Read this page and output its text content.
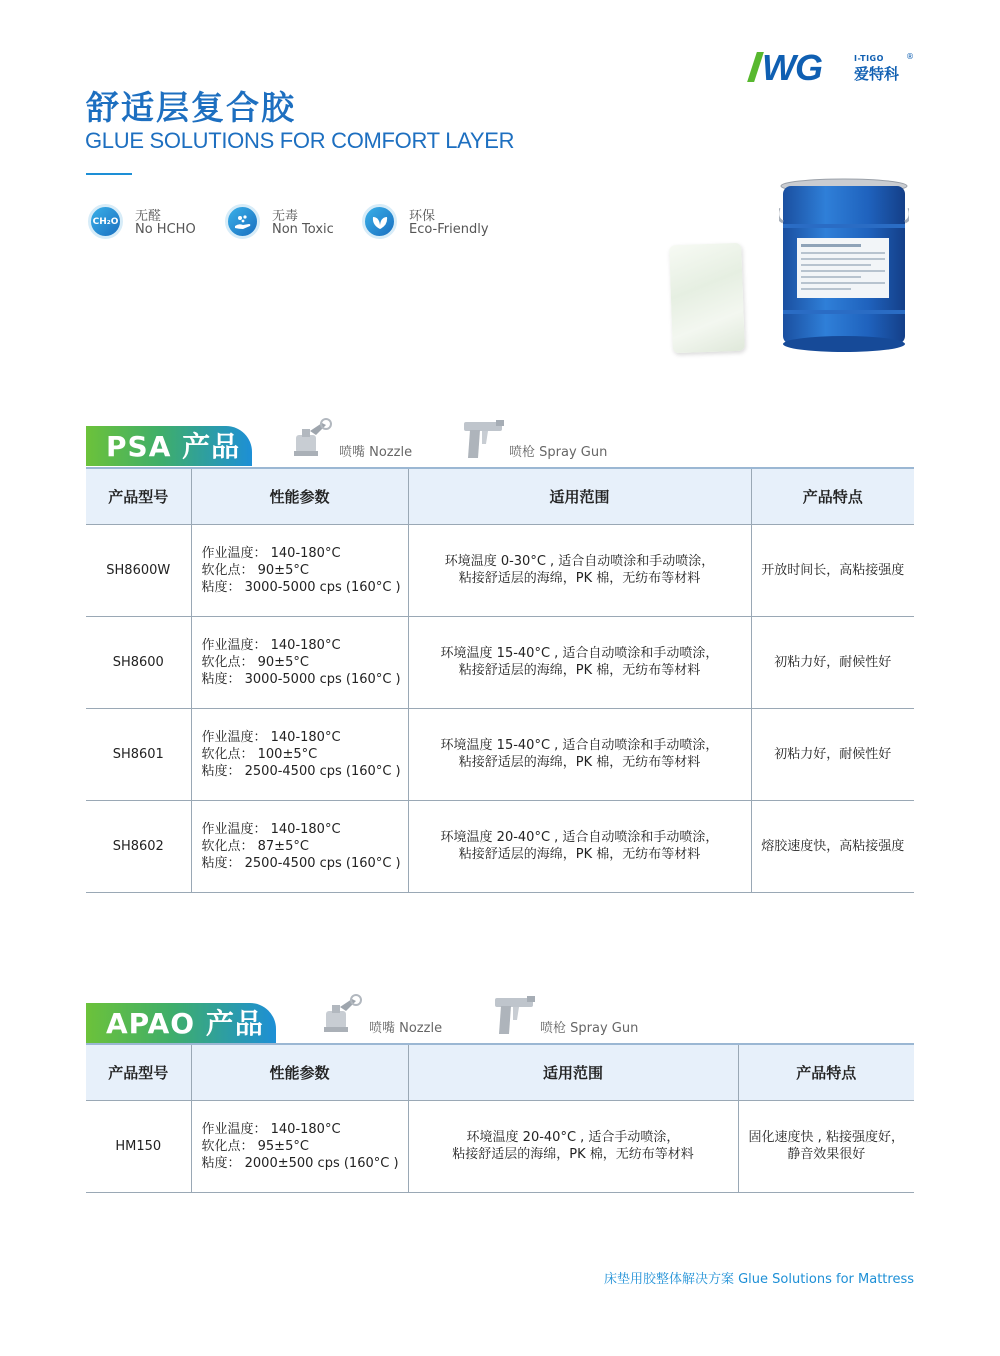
WG	I-TIGO
爱特科
®
舒适层复合胶
GLUE SOLUTIONS FOR COMFORT LAYER
CH₂O	无醛
No HCHO
无毒
Non Toxic
环保
Eco-Friendly
PSA 产品	喷嘴 Nozzle	喷枪 Spray Gun
产品型号	性能参数	适用范围	产品特点
SH8600W	作业温度： 140-180°C
软化点： 90±5°C
粘度： 3000-5000 cps (160°C )	环境温度 0-30°C , 适合自动喷涂和手动喷涂，
粘接舒适层的海绵，PK 棉，无纺布等材料	开放时间长，高粘接强度

SH8600	作业温度： 140-180°C
软化点： 90±5°C
粘度： 3000-5000 cps (160°C )	环境温度 15-40°C , 适合自动喷涂和手动喷涂，
粘接舒适层的海绵，PK 棉，无纺布等材料	初粘力好，耐候性好

SH8601	作业温度： 140-180°C
软化点： 100±5°C
粘度： 2500-4500 cps (160°C )	环境温度 15-40°C , 适合自动喷涂和手动喷涂，
粘接舒适层的海绵，PK 棉，无纺布等材料	初粘力好，耐候性好

SH8602	作业温度： 140-180°C
软化点： 87±5°C
粘度： 2500-4500 cps (160°C )	环境温度 20-40°C , 适合自动喷涂和手动喷涂，
粘接舒适层的海绵，PK 棉，无纺布等材料	熔胶速度快，高粘接强度
APAO 产品	喷嘴 Nozzle	喷枪 Spray Gun
产品型号	性能参数	适用范围	产品特点
HM150	作业温度： 140-180°C
软化点： 95±5°C
粘度： 2000±500 cps (160°C )	环境温度 20-40°C , 适合手动喷涂，
粘接舒适层的海绵，PK 棉，无纺布等材料	固化速度快 , 粘接强度好，
静音效果很好
床垫用胶整体解决方案 Glue Solutions for Mattress
